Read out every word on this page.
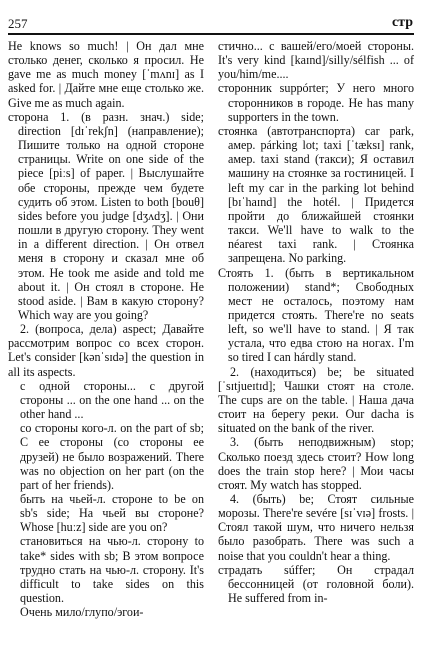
257	стр

He knows so much! | Он дал мне столько денег, сколько я просил. He gave me as much money [ˈmʌnɪ] as I asked for. | Дайте мне еще столько же. Give me as much again.

сторона 1. (в разн. знач.) side; direction [dɪˈrekʃn] (направление); Пишите только на одной стороне страницы. Write on one side of the piece [piːs] of paper. | Выслушайте обе стороны, прежде чем будете судить об этом. Listen to both [bouθ] sides before you judge [dʒʌdʒ]. | Они пошли в другую сторону. They went in a different direction. | Он отвел меня в сторону и сказал мне об этом. He took me aside and told me about it. | Он стоял в стороне. He stood aside. | Вам в какую сторону? Which way are you going?

2. (вопроса, дела) aspect; Давайте рассмотрим вопрос со всех сторон. Let's consider [kənˈsɪdə] the question in all its aspects.

с одной стороны... с другой стороны ... on the one hand ... on the other hand ...

со стороны кого-л. on the part of sb; С ее стороны (со стороны ее друзей) не было возражений. There was no objection on her part (on the part of her friends).

быть на чьей-л. стороне to be on sb's side; На чьей вы стороне? Whose [huːz] side are you on?

становиться на чью-л. сторону to take* sides with sb; В этом вопросе трудно стать на чью-л. сторону. It's difficult to take sides on this question.

Очень мило/глупо/эгои-

стично... с вашей/его/моей стороны. It's very kind [kaɪnd]/silly/sélfish ... of you/him/me....

сторонник suppórter; У него много сторонников в городе. He has many supporters in the town.

стоянка (автотранспорта) car park, амер. párking lot; taxi [ˈtæksɪ] rank, амер. taxi stand (такси); Я оставил машину на стоянке за гостиницей. I left my car in the parking lot behind [bɪˈhaɪnd] the hotél. | Придется пройти до ближайшей стоянки такси. We'll have to walk to the néarest taxi rank. | Стоянка запрещена. No parking.

Стоять 1. (быть в вертикальном положении) stand*; Свободных мест не осталось, поэтому нам придется стоять. There're no seats left, so we'll have to stand. | Я так устала, что едва стою на ногах. I'm so tired I can hárdly stand.

2. (находиться) be; be situated [ˈsɪtjueɪtɪd]; Чашки стоят на столе. The cups are on the table. | Наша дача стоит на берегу реки. Our dacha is situated on the bank of the river.

3. (быть неподвижным) stop; Сколько поезд здесь стоит? How long does the train stop here? | Мои часы стоят. My watch has stopped.

4. (быть) be; Стоят сильные морозы. There're sevére [sɪˈvɪə] frosts. | Стоял такой шум, что ничего нельзя было разобрать. There was such a noise that you couldn't hear a thing.

страдать súffer; Он страдал бессонницей (от головной боли). He suffered from in-
